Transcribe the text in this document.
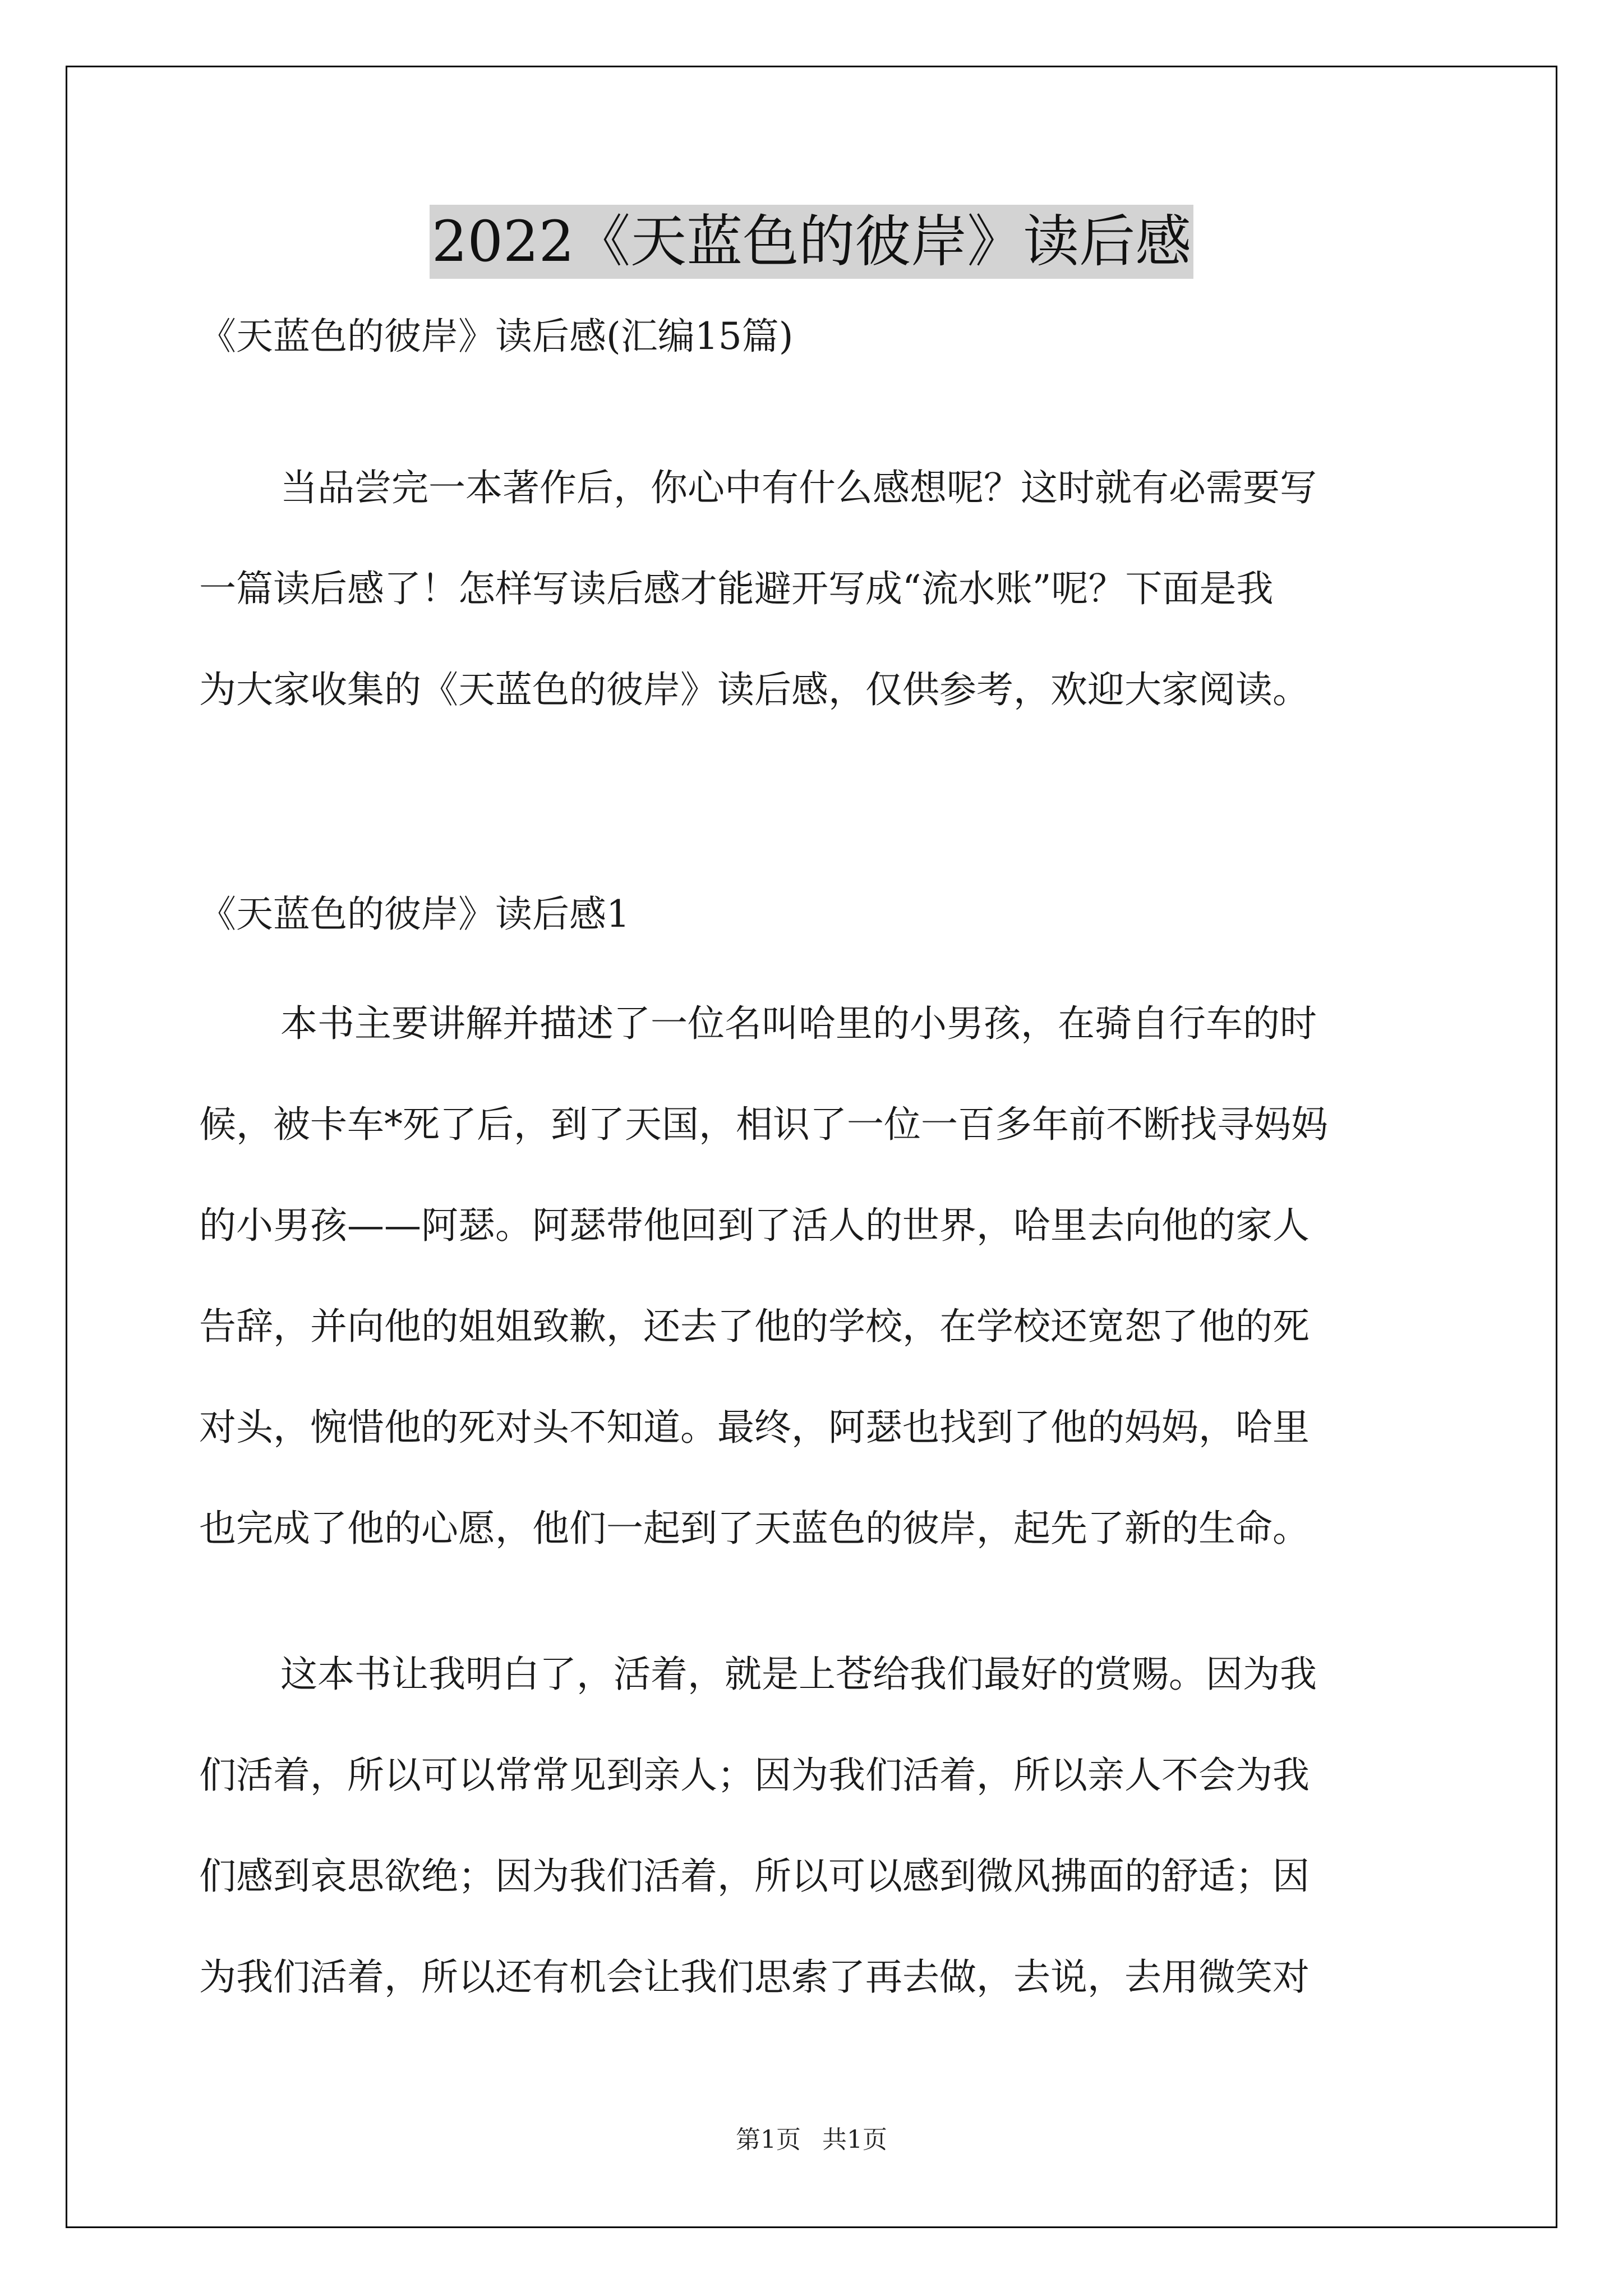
2022《天蓝色的彼岸》读后感
《天蓝色的彼岸》读后感(汇编15篇)
当品尝完一本著作后，你心中有什么感想呢？这时就有必需要写
一篇读后感了！怎样写读后感才能避开写成“流水账”呢？下面是我
为大家收集的《天蓝色的彼岸》读后感，仅供参考，欢迎大家阅读。
《天蓝色的彼岸》读后感1
本书主要讲解并描述了一位名叫哈里的小男孩，在骑自行车的时
候，被卡车*死了后，到了天国，相识了一位一百多年前不断找寻妈妈
的小男孩——阿瑟。阿瑟带他回到了活人的世界，哈里去向他的家人
告辞，并向他的姐姐致歉，还去了他的学校，在学校还宽恕了他的死
对头，惋惜他的死对头不知道。最终，阿瑟也找到了他的妈妈，哈里
也完成了他的心愿，他们一起到了天蓝色的彼岸，起先了新的生命。
这本书让我明白了，活着，就是上苍给我们最好的赏赐。因为我
们活着，所以可以常常见到亲人；因为我们活着，所以亲人不会为我
们感到哀思欲绝；因为我们活着，所以可以感到微风拂面的舒适；因
为我们活着，所以还有机会让我们思索了再去做，去说，去用微笑对
第1页 共1页
